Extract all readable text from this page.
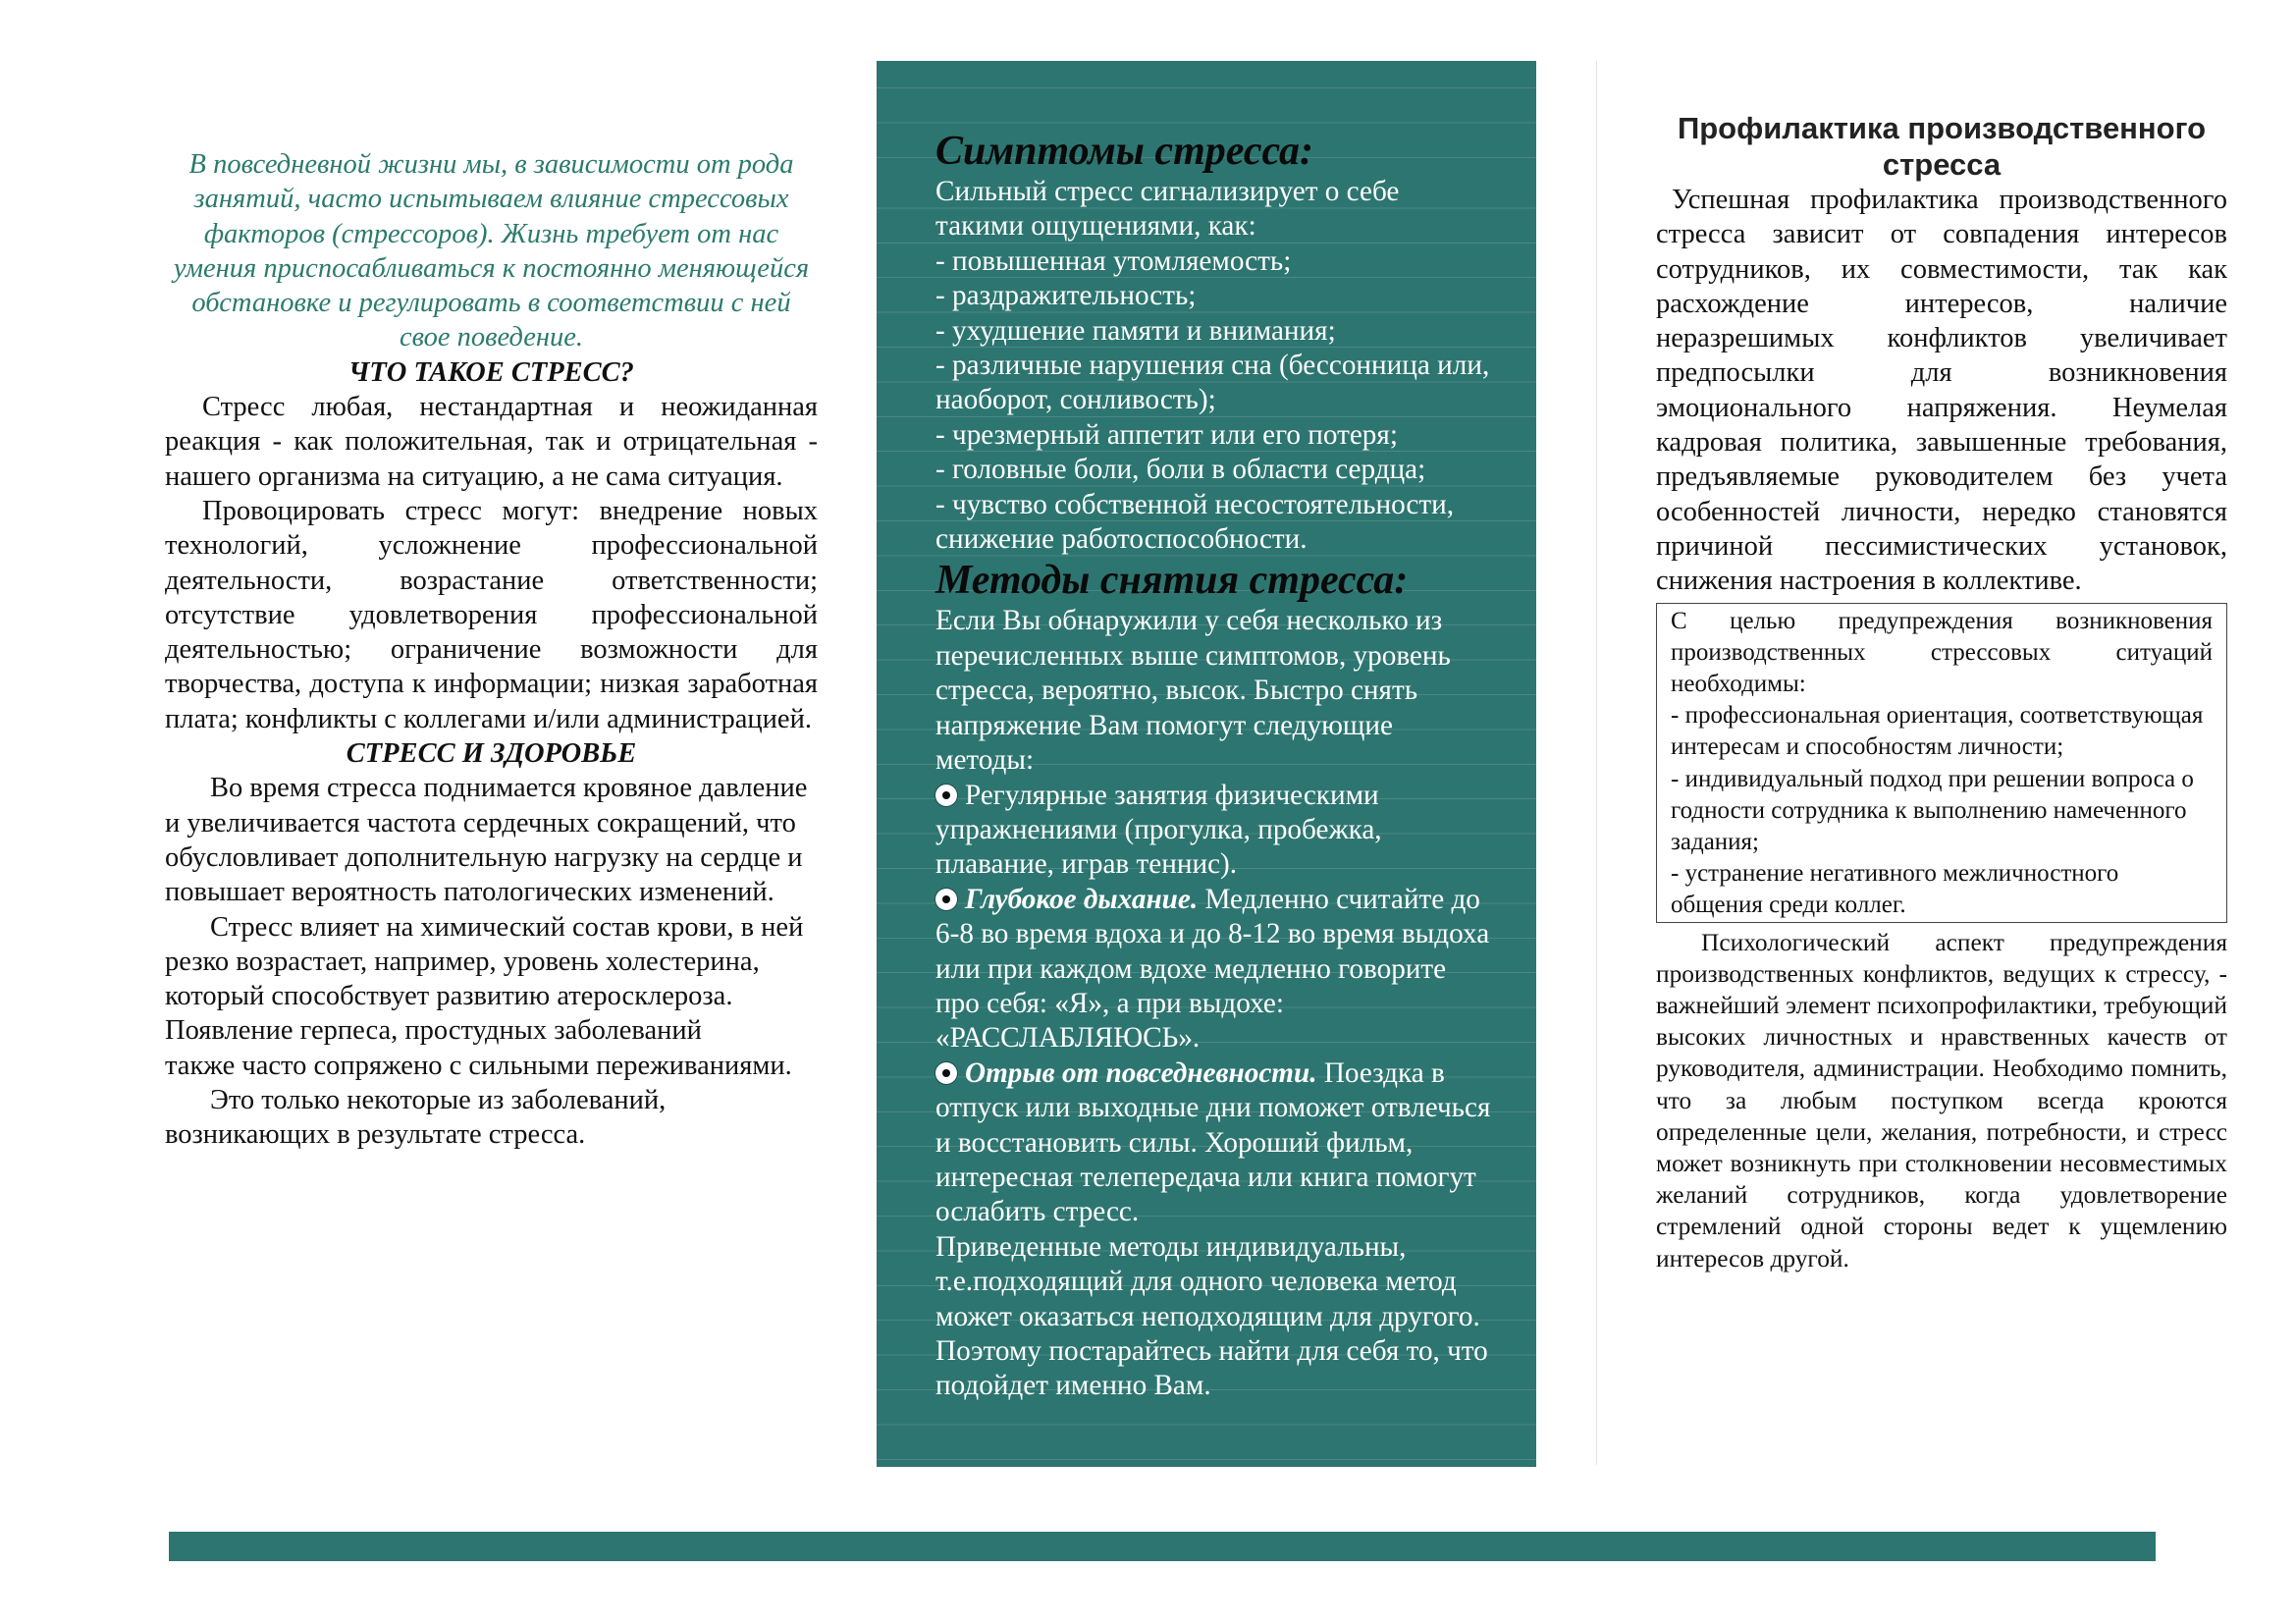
В повседневной жизни мы, в зависимости от рода занятий, часто испытываем влияние стрессовых факторов (стрессоров). Жизнь требует от нас умения приспосабливаться к постоянно меняющейся обстановке и регулировать в соответствии с ней свое поведение.

ЧТО ТАКОЕ СТРЕСС?

Стресс любая, нестандартная и неожиданная реакция - как положительная, так и отрицательная - нашего организма на ситуацию, а не сама ситуация.

Провоцировать стресс могут: внедрение новых технологий, усложнение профессиональной деятельности, возрастание ответственности; отсутствие удовлетворения профессиональной деятельностью; ограничение возможности для творчества, доступа к информации; низкая заработная плата; конфликты с коллегами и/или администрацией.

СТРЕСС И ЗДОРОВЬЕ

Во время стресса поднимается кровяное давление и увеличивается частота сердечных сокращений, что обусловливает дополнительную нагрузку на сердце и повышает вероятность патологических изменений.

Стресс влияет на химический состав крови, в ней резко возрастает, например, уровень холестерина, который способствует развитию атеросклероза. Появление герпеса, простудных заболеваний

также часто сопряжено с сильными переживаниями.

Это только некоторые из заболеваний, возникающих в результате стресса.

Симптомы стресса:

Сильный стресс сигнализирует о себе такими ощущениями, как:

- повышенная утомляемость;

- раздражительность;

- ухудшение памяти и внимания;

- различные нарушения сна (бессонница или, наоборот, сонливость);

- чрезмерный аппетит или его потеря;

- головные боли, боли в области сердца;

- чувство собственной несостоятельности, снижение работоспособности.

Методы снятия стресса:

Если Вы обнаружили у себя несколько из перечисленных выше симптомов, уровень стресса, вероятно, высок. Быстро снять напряжение Вам помогут следующие методы:

Регулярные занятия физическими упражнениями (прогулка, пробежка, плавание, играв теннис).

Глубокое дыхание. Медленно считайте до 6-8 во время вдоха и до 8-12 во время выдоха или при каждом вдохе медленно говорите про себя: «Я», а при выдохе: «РАССЛАБЛЯЮСЬ».

Отрыв от повседневности. Поездка в отпуск или выходные дни поможет отвлечься и восстановить силы. Хороший фильм, интересная телепередача или книга помогут ослабить стресс.

Приведенные методы индивидуальны, т.е.подходящий для одного человека метод может оказаться неподходящим для другого. Поэтому постарайтесь найти для себя то, что подойдет именно Вам.

Профилактика производственного стресса

Успешная профилактика производственного стресса зависит от совпадения интересов сотрудников, их совместимости, так как расхождение интересов, наличие неразрешимых конфликтов увеличивает предпосылки для возникновения эмоционального напряжения. Неумелая кадровая политика, завышенные требования, предъявляемые руководителем без учета особенностей личности, нередко становятся причиной пессимистических установок, снижения настроения в коллективе.

С целью предупреждения возникновения производственных стрессовых ситуаций необходимы:

- профессиональная ориентация, соответствующая интересам и способностям личности;

- индивидуальный подход при решении вопроса о годности сотрудника к выполнению намеченного задания;

- устранение негативного межличностного общения среди коллег.

Психологический аспект предупреждения производственных конфликтов, ведущих к стрессу, - важнейший элемент психопрофилактики, требующий высоких личностных и нравственных качеств от руководителя, администрации. Необходимо помнить, что за любым поступком всегда кроются определенные цели, желания, потребности, и стресс может возникнуть при столкновении несовместимых желаний сотрудников, когда удовлетворение стремлений одной стороны ведет к ущемлению интересов другой.
